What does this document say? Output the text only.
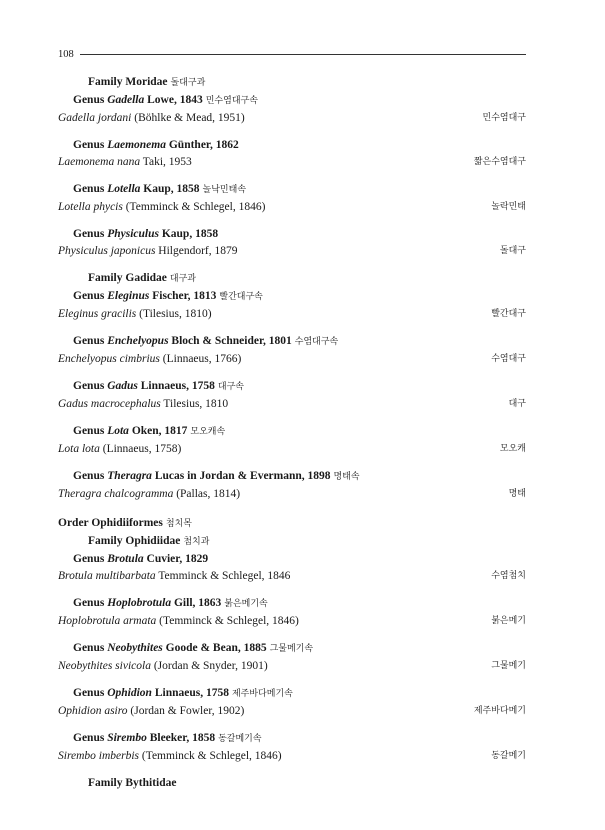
108
Family Moridae 돌대구과
Genus Gadella Lowe, 1843 민수염대구속
Gadella jordani (Böhlke & Mead, 1951)	민수염대구
Genus Laemonema Günther, 1862
Laemonema nana Taki, 1953	짧은수염대구
Genus Lotella Kaup, 1858 놀낙민태속
Lotella phycis (Temminck & Schlegel, 1846)	놀락민태
Genus Physiculus Kaup, 1858
Physiculus japonicus Hilgendorf, 1879	돌대구
Family Gadidae 대구과
Genus Eleginus Fischer, 1813 빨간대구속
Eleginus gracilis (Tilesius, 1810)	빨간대구
Genus Enchelyopus Bloch & Schneider, 1801 수염대구속
Enchelyopus cimbrius (Linnaeus, 1766)	수염대구
Genus Gadus Linnaeus, 1758 대구속
Gadus macrocephalus Tilesius, 1810	대구
Genus Lota Oken, 1817 모오캐속
Lota lota (Linnaeus, 1758)	모오캐
Genus Theragra Lucas in Jordan & Evermann, 1898 명태속
Theragra chalcogramma (Pallas, 1814)	명태
Order Ophidiiformes 첨치목
Family Ophidiidae 첨치과
Genus Brotula Cuvier, 1829
Brotula multibarbata Temminck & Schlegel, 1846	수염첨치
Genus Hoplobrotula Gill, 1863 붉은메기속
Hoplobrotula armata (Temminck & Schlegel, 1846)	붉은메기
Genus Neobythites Goode & Bean, 1885 그물메기속
Neobythites sivicola (Jordan & Snyder, 1901)	그물메기
Genus Ophidion Linnaeus, 1758 제주바다메기속
Ophidion asiro (Jordan & Fowler, 1902)	제주바다메기
Genus Sirembo Bleeker, 1858 동갈메기속
Sirembo imberbis (Temminck & Schlegel, 1846)	동갈메기
Family Bythitidae
